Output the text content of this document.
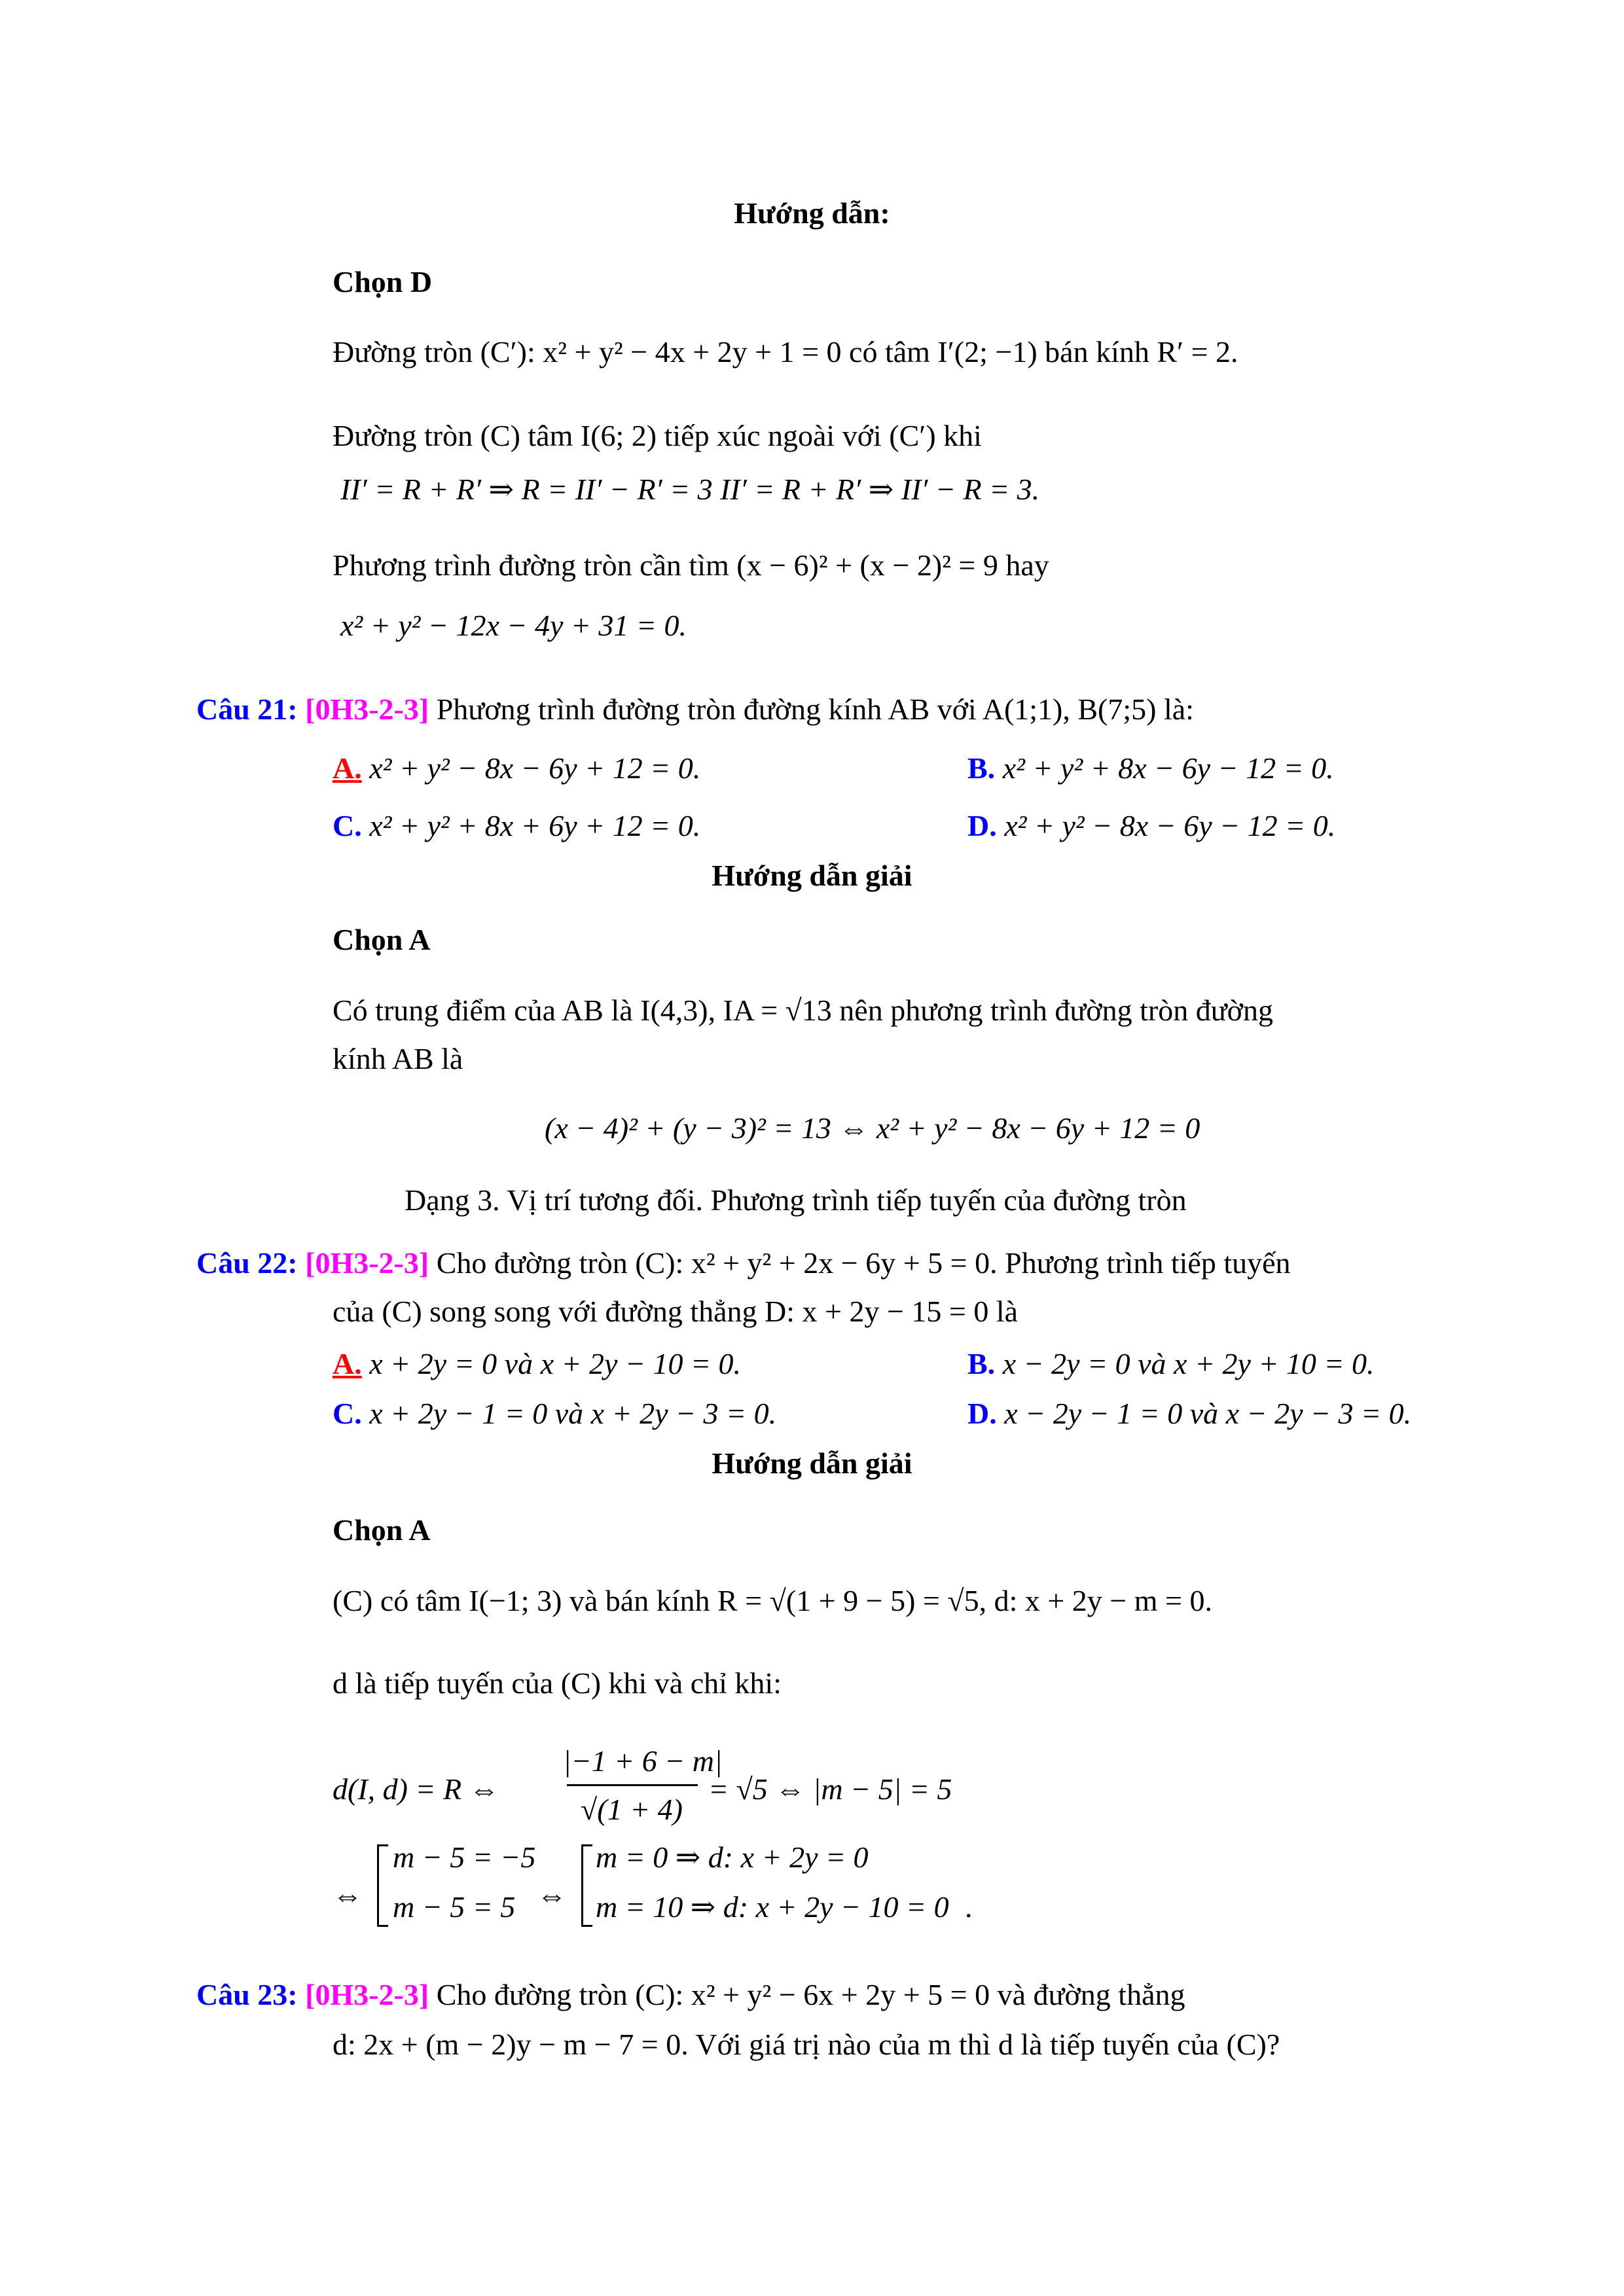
Hướng dẫn:
Chọn D
Đường tròn (C′): x² + y² − 4x + 2y + 1 = 0 có tâm I′(2; −1) bán kính R′ = 2.
Đường tròn (C) tâm I(6; 2) tiếp xúc ngoài với (C′) khi
II′ = R + R′ ⇒ R = II′ − R′ = 3 II′ = R + R′ ⇒ II′ − R = 3.
Phương trình đường tròn cần tìm (x − 6)² + (x − 2)² = 9 hay
x² + y² − 12x − 4y + 31 = 0.
Câu 21: [0H3-2-3] Phương trình đường tròn đường kính AB với A(1;1), B(7;5) là:
A. x² + y² − 8x − 6y + 12 = 0.	B. x² + y² + 8x − 6y − 12 = 0.
C. x² + y² + 8x + 6y + 12 = 0.	D. x² + y² − 8x − 6y − 12 = 0.
Hướng dẫn giải
Chọn A
Có trung điểm của AB là I(4,3), IA = √13 nên phương trình đường tròn đường
kính AB là
(x − 4)² + (y − 3)² = 13 ⇔ x² + y² − 8x − 6y + 12 = 0
Dạng 3. Vị trí tương đối. Phương trình tiếp tuyến của đường tròn
Câu 22: [0H3-2-3] Cho đường tròn (C): x² + y² + 2x − 6y + 5 = 0. Phương trình tiếp tuyến
của (C) song song với đường thẳng D: x + 2y − 15 = 0 là
A. x + 2y = 0 và x + 2y − 10 = 0.	B. x − 2y = 0 và x + 2y + 10 = 0.
C. x + 2y − 1 = 0 và x + 2y − 3 = 0.	D. x − 2y − 1 = 0 và x − 2y − 3 = 0.
Hướng dẫn giải
Chọn A
(C) có tâm I(−1; 3) và bán kính R = √(1 + 9 − 5) = √5, d: x + 2y − m = 0.
d là tiếp tuyến của (C) khi và chỉ khi:
d(I, d) = R ⇔
|−1 + 6 − m|
√(1 + 4)
= √5 ⇔ |m − 5| = 5
⇔
m − 5 = −5
m − 5 = 5 ⇔
m = 0 ⇒ d: x + 2y = 0
m = 10 ⇒ d: x + 2y − 10 = 0 .
Câu 23: [0H3-2-3] Cho đường tròn (C): x² + y² − 6x + 2y + 5 = 0 và đường thẳng
d: 2x + (m − 2)y − m − 7 = 0. Với giá trị nào của m thì d là tiếp tuyến của (C)?
